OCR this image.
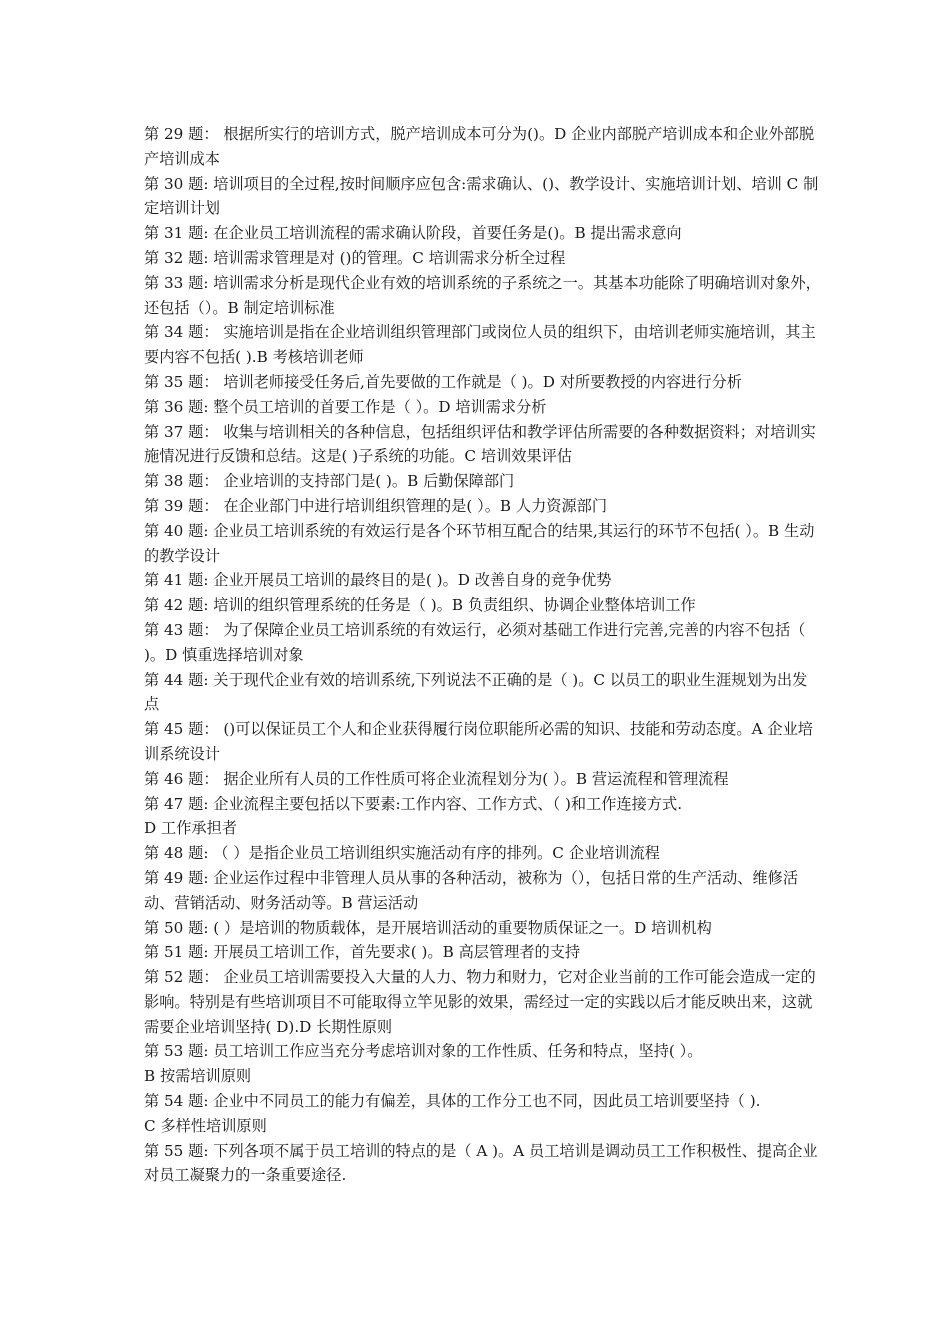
第 29 题： 根据所实行的培训方式，脱产培训成本可分为()。D 企业内部脱产培训成本和企业外部脱产培训成本

第 30 题: 培训项目的全过程,按时间顺序应包含:需求确认、()、教学设计、实施培训计划、培训 C 制定培训计划

第 31 题: 在企业员工培训流程的需求确认阶段，首要任务是()。B 提出需求意向

第 32 题: 培训需求管理是对 ()的管理。C 培训需求分析全过程

第 33 题: 培训需求分析是现代企业有效的培训系统的子系统之一。其基本功能除了明确培训对象外，还包括（）。B 制定培训标准

第 34 题： 实施培训是指在企业培训组织管理部门或岗位人员的组织下，由培训老师实施培训，其主要内容不包括( ).B 考核培训老师

第 35 题： 培训老师接受任务后,首先要做的工作就是（ )。D 对所要教授的内容进行分析

第 36 题: 整个员工培训的首要工作是（ ）。D 培训需求分析

第 37 题： 收集与培训相关的各种信息，包括组织评估和教学评估所需要的各种数据资料；对培训实施情况进行反馈和总结。这是( )子系统的功能。C 培训效果评估

第 38 题： 企业培训的支持部门是( )。B 后勤保障部门

第 39 题： 在企业部门中进行培训组织管理的是( ）。B 人力资源部门

第 40 题: 企业员工培训系统的有效运行是各个环节相互配合的结果,其运行的环节不包括( ）。B 生动的教学设计

第 41 题: 企业开展员工培训的最终目的是( )。D 改善自身的竞争优势

第 42 题: 培训的组织管理系统的任务是（ )。B 负责组织、协调企业整体培训工作

第 43 题： 为了保障企业员工培训系统的有效运行，必须对基础工作进行完善,完善的内容不包括（ )。D 慎重选择培训对象

第 44 题: 关于现代企业有效的培训系统,下列说法不正确的是（ )。C 以员工的职业生涯规划为出发点

第 45 题： ()可以保证员工个人和企业获得履行岗位职能所必需的知识、技能和劳动态度。A 企业培训系统设计

第 46 题： 据企业所有人员的工作性质可将企业流程划分为( ）。B 营运流程和管理流程

第 47 题: 企业流程主要包括以下要素:工作内容、工作方式、（ )和工作连接方式.

D 工作承担者

第 48 题: （ ）是指企业员工培训组织实施活动有序的排列。C 企业培训流程

第 49 题: 企业运作过程中非管理人员从事的各种活动，被称为（），包括日常的生产活动、维修活动、营销活动、财务活动等。B 营运活动

第 50 题: ( ）是培训的物质载体，是开展培训活动的重要物质保证之一。D 培训机构

第 51 题: 开展员工培训工作，首先要求( )。B 高层管理者的支持

第 52 题： 企业员工培训需要投入大量的人力、物力和财力，它对企业当前的工作可能会造成一定的影响。特别是有些培训项目不可能取得立竿见影的效果，需经过一定的实践以后才能反映出来，这就需要企业培训坚持( D).D 长期性原则

第 53 题: 员工培训工作应当充分考虑培训对象的工作性质、任务和特点，坚持( ）。

B 按需培训原则

第 54 题: 企业中不同员工的能力有偏差，具体的工作分工也不同，因此员工培训要坚持（ ).

C 多样性培训原则

第 55 题: 下列各项不属于员工培训的特点的是（ A )。A 员工培训是调动员工工作积极性、提高企业对员工凝聚力的一条重要途径.
